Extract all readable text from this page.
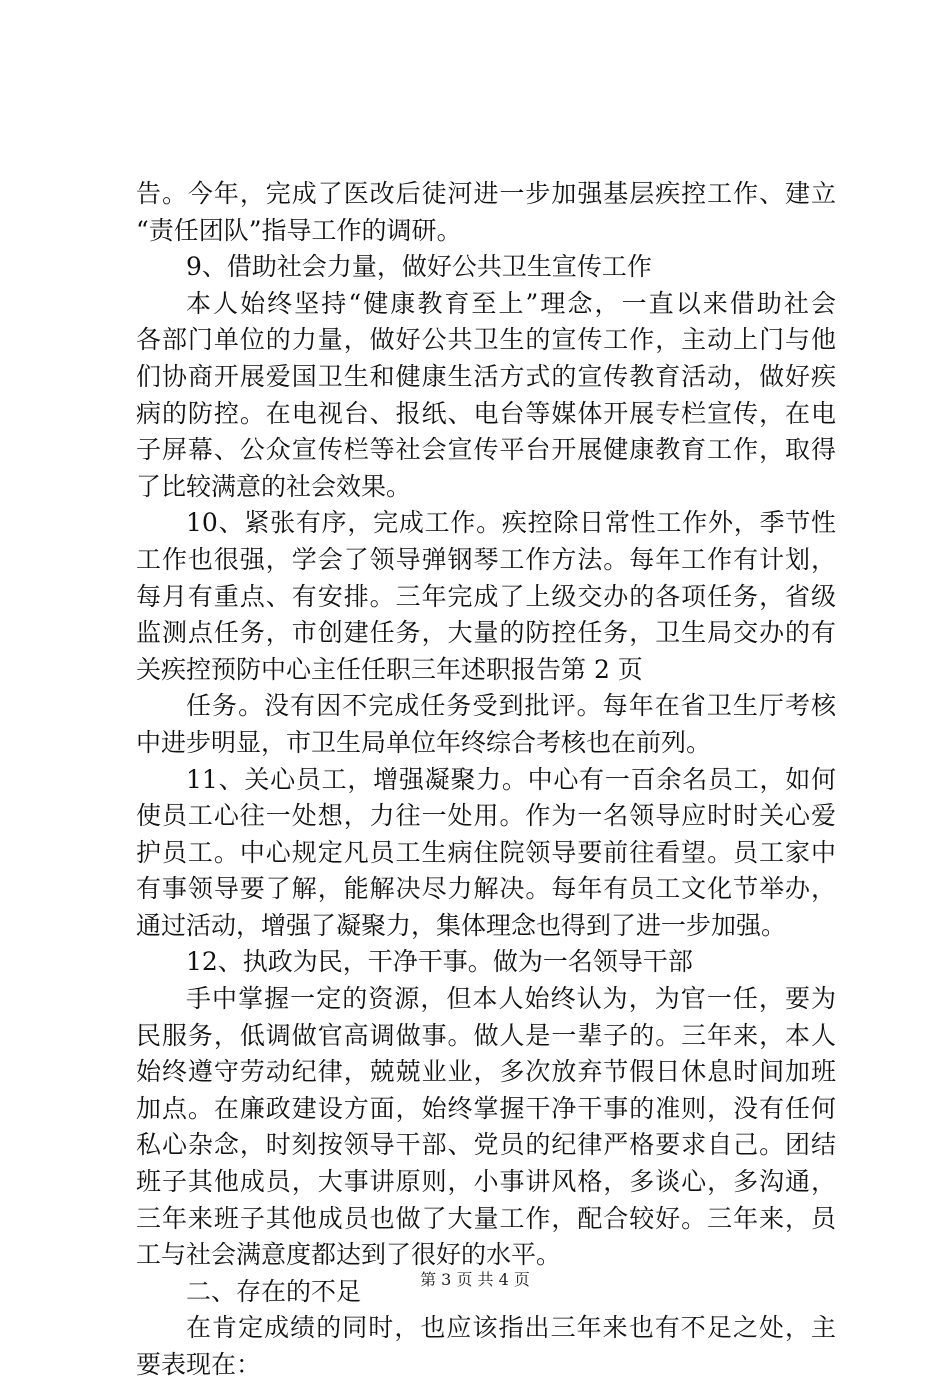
告。今年，完成了医改后徒河进一步加强基层疾控工作、建立
“责任团队”指导工作的调研。
9、借助社会力量，做好公共卫生宣传工作
本人始终坚持“健康教育至上”理念，一直以来借助社会
各部门单位的力量，做好公共卫生的宣传工作，主动上门与他
们协商开展爱国卫生和健康生活方式的宣传教育活动，做好疾
病的防控。在电视台、报纸、电台等媒体开展专栏宣传，在电
子屏幕、公众宣传栏等社会宣传平台开展健康教育工作，取得
了比较满意的社会效果。
10、紧张有序，完成工作。疾控除日常性工作外，季节性
工作也很强，学会了领导弹钢琴工作方法。每年工作有计划，
每月有重点、有安排。三年完成了上级交办的各项任务，省级
监测点任务，市创建任务，大量的防控任务，卫生局交办的有
关疾控预防中心主任任职三年述职报告第 2 页
任务。没有因不完成任务受到批评。每年在省卫生厅考核
中进步明显，市卫生局单位年终综合考核也在前列。
11、关心员工，增强凝聚力。中心有一百余名员工，如何
使员工心往一处想，力往一处用。作为一名领导应时时关心爱
护员工。中心规定凡员工生病住院领导要前往看望。员工家中
有事领导要了解，能解决尽力解决。每年有员工文化节举办，
通过活动，增强了凝聚力，集体理念也得到了进一步加强。
12、执政为民，干净干事。做为一名领导干部
手中掌握一定的资源，但本人始终认为，为官一任，要为
民服务，低调做官高调做事。做人是一辈子的。三年来，本人
始终遵守劳动纪律，兢兢业业，多次放弃节假日休息时间加班
加点。在廉政建设方面，始终掌握干净干事的准则，没有任何
私心杂念，时刻按领导干部、党员的纪律严格要求自己。团结
班子其他成员，大事讲原则，小事讲风格，多谈心，多沟通，
三年来班子其他成员也做了大量工作，配合较好。三年来，员
工与社会满意度都达到了很好的水平。
二、存在的不足
在肯定成绩的同时，也应该指出三年来也有不足之处，主
要表现在：
第 3 页 共 4 页
